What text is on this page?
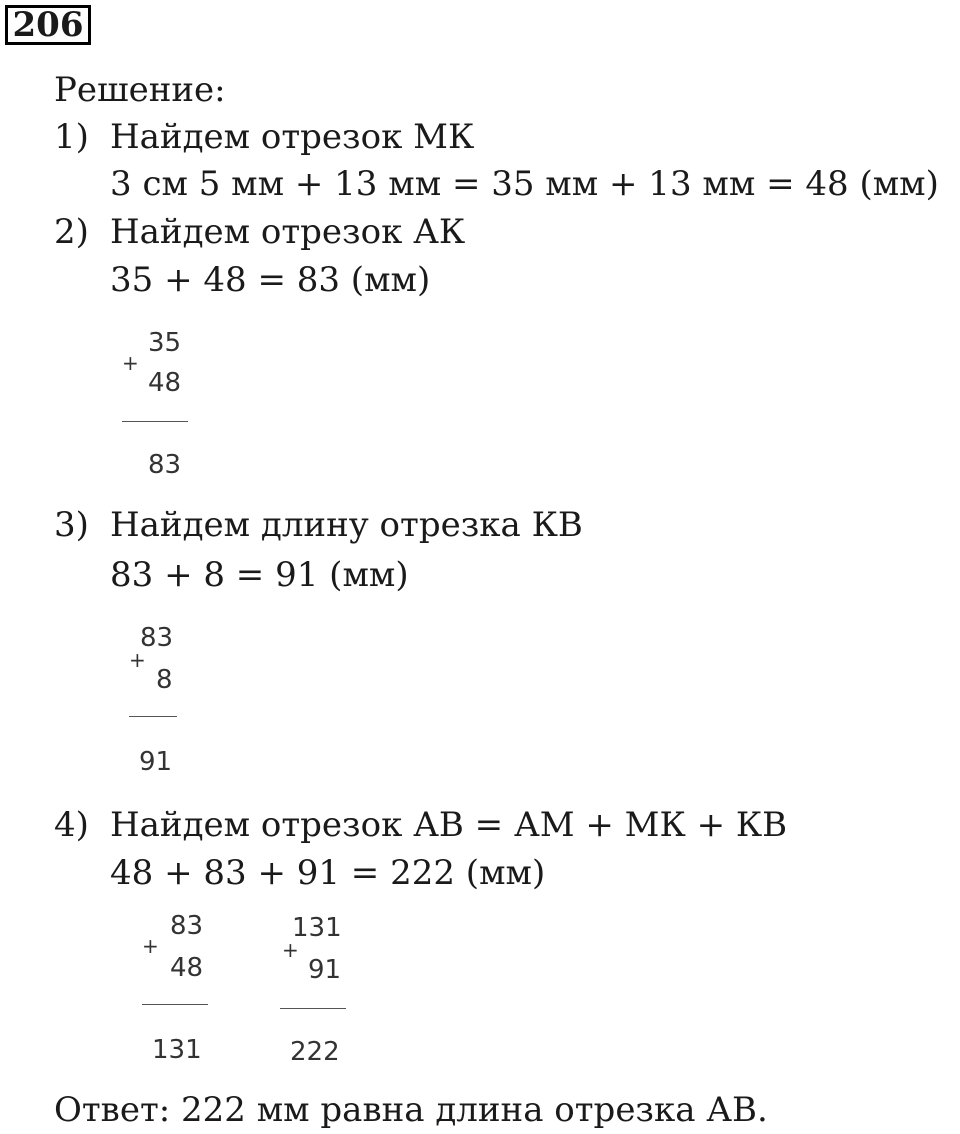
206
Решение:
1) Найдем отрезок МК
3 см 5 мм + 13 мм = 35 мм + 13 мм = 48 (мм)
2) Найдем отрезок АК
35 + 48 = 83 (мм)
+
35
48
83
3) Найдем длину отрезка КВ
83 + 8 = 91 (мм)
+
83
8
91
4) Найдем отрезок АВ = АМ + МК + КВ
48 + 83 + 91 = 222 (мм)
+
83
48
131
+
131
91
222
Ответ: 222 мм равна длина отрезка АВ.
